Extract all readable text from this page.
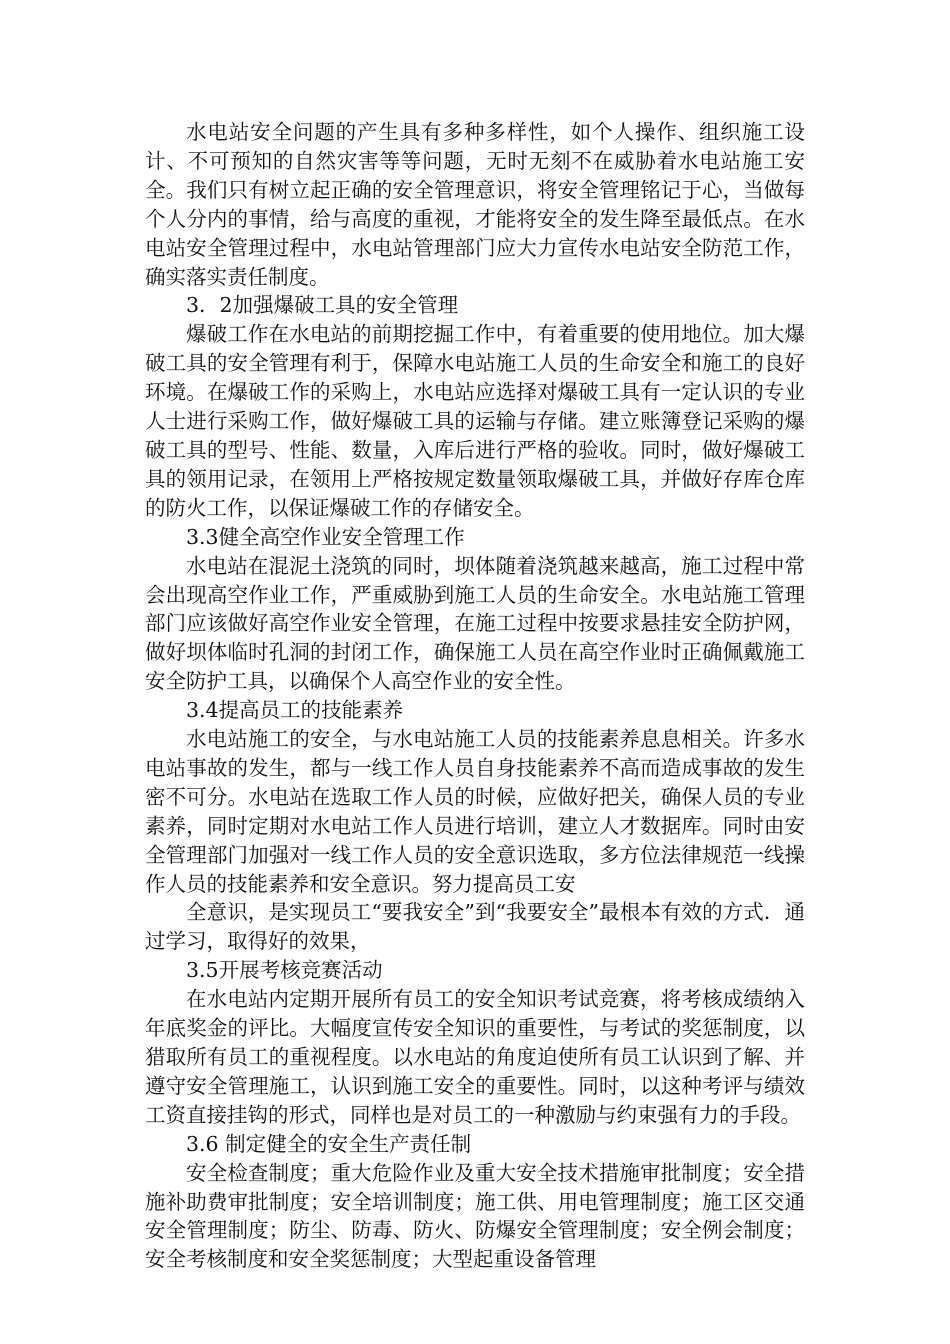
水电站安全问题的产生具有多种多样性，如个人操作、组织施工设计、不可预知的自然灾害等等问题，无时无刻不在威胁着水电站施工安全。我们只有树立起正确的安全管理意识，将安全管理铭记于心，当做每个人分内的事情，给与高度的重视，才能将安全的发生降至最低点。在水电站安全管理过程中，水电站管理部门应大力宣传水电站安全防范工作，确实落实责任制度。

3．2加强爆破工具的安全管理

爆破工作在水电站的前期挖掘工作中，有着重要的使用地位。加大爆破工具的安全管理有利于，保障水电站施工人员的生命安全和施工的良好环境。在爆破工作的采购上，水电站应选择对爆破工具有一定认识的专业人士进行采购工作，做好爆破工具的运输与存储。建立账簿登记采购的爆破工具的型号、性能、数量，入库后进行严格的验收。同时，做好爆破工具的领用记录，在领用上严格按规定数量领取爆破工具，并做好存库仓库的防火工作，以保证爆破工作的存储安全。

3.3健全高空作业安全管理工作

水电站在混泥土浇筑的同时，坝体随着浇筑越来越高，施工过程中常会出现高空作业工作，严重威胁到施工人员的生命安全。水电站施工管理部门应该做好高空作业安全管理，在施工过程中按要求悬挂安全防护网，做好坝体临时孔洞的封闭工作，确保施工人员在高空作业时正确佩戴施工安全防护工具，以确保个人高空作业的安全性。

3.4提高员工的技能素养

水电站施工的安全，与水电站施工人员的技能素养息息相关。许多水电站事故的发生，都与一线工作人员自身技能素养不高而造成事故的发生密不可分。水电站在选取工作人员的时候，应做好把关，确保人员的专业素养，同时定期对水电站工作人员进行培训，建立人才数据库。同时由安全管理部门加强对一线工作人员的安全意识选取，多方位法律规范一线操作人员的技能素养和安全意识。努力提高员工安

全意识，是实现员工“要我安全”到“我要安全”最根本有效的方式．通过学习，取得好的效果，

3.5开展考核竞赛活动

在水电站内定期开展所有员工的安全知识考试竞赛，将考核成绩纳入年底奖金的评比。大幅度宣传安全知识的重要性，与考试的奖惩制度，以猎取所有员工的重视程度。以水电站的角度迫使所有员工认识到了解、并遵守安全管理施工，认识到施工安全的重要性。同时，以这种考评与绩效工资直接挂钩的形式，同样也是对员工的一种激励与约束强有力的手段。

3.6 制定健全的安全生产责任制

安全检查制度；重大危险作业及重大安全技术措施审批制度；安全措施补助费审批制度；安全培训制度；施工供、用电管理制度；施工区交通安全管理制度；防尘、防毒、防火、防爆安全管理制度；安全例会制度；安全考核制度和安全奖惩制度；大型起重设备管理
